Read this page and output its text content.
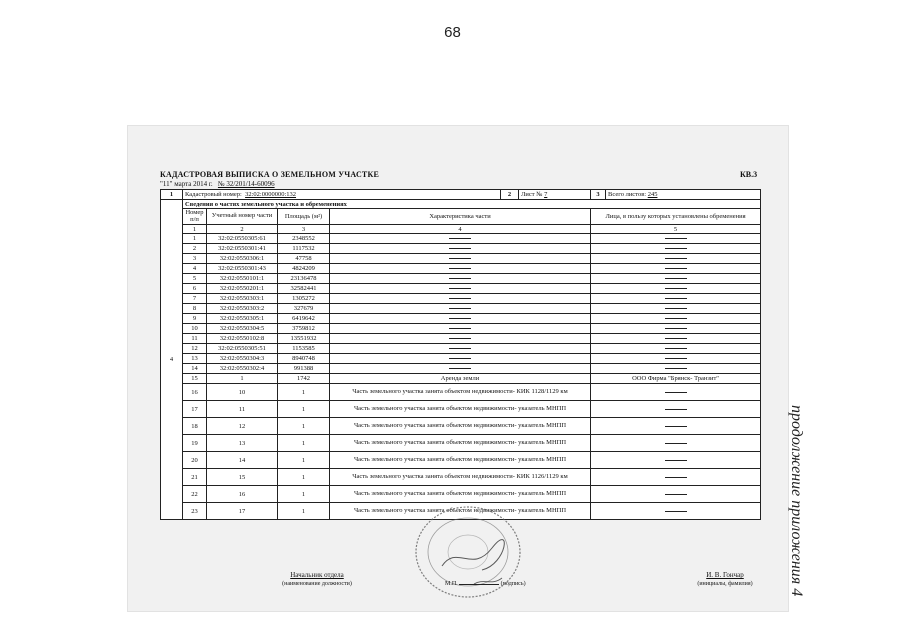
68
КАДАСТРОВАЯ ВЫПИСКА О ЗЕМЕЛЬНОМ УЧАСТКЕ	КВ.3
"11" марта 2014 г. № 32/201/14-60096
1	Кадастровый номер: 32:02:0000000:132				2	Лист № 7	3	Всего листов: 245
4	Сведения о частях земельного участка и обременениях							
	Номер п/п	Учетный номер части	Площадь (м²)	Характеристика части			Лица, в пользу которых установлены обременения	
	1	2	3	4			5	
	1	32:02:0550305:61	2348552					
	2	32:02:0550301:41	1117532					
	3	32:02:0550306:1	47758					
	4	32:02:0550301:43	4824209					
	5	32:02:0550101:1	23136478					
	6	32:02:0550201:1	32582441					
	7	32:02:0550303:1	1305272					
	8	32:02:0550303:2	327679					
	9	32:02:0550305:1	6419642					
	10	32:02:0550304:5	3759812					
	11	32:02:0550102:8	13551932					
	12	32:02:0550305:51	1153585					
	13	32:02:0550304:3	8940748					
	14	32:02:0550302:4	991388					
	15	1	1742	Аренда земли			ООО Фирма "Брянск- Транзит"	
	16	10	1	Часть земельного участка занята объектом недвижимости- КИК 1128/1129 км				
	17	11	1	Часть земельного участка занята объектом недвижимости- указатель МНПП				
	18	12	1	Часть земельного участка занята объектом недвижимости- указатель МНПП				
	19	13	1	Часть земельного участка занята объектом недвижимости- указатель МНПП				
	20	14	1	Часть земельного участка занята объектом недвижимости- указатель МНПП				
	21	15	1	Часть земельного участка занята объектом недвижимости- КИК 1126/1129 км				
	22	16	1	Часть земельного участка занята объектом недвижимости- указатель МНПП				
	23	17	1	Часть земельного участка занята объектом недвижимости- указатель МНПП				
Начальник отдела
(наименование должности)	М.П.	(подпись)
И. В. Гончар
(инициалы, фамилия)	продолжение приложения 4
